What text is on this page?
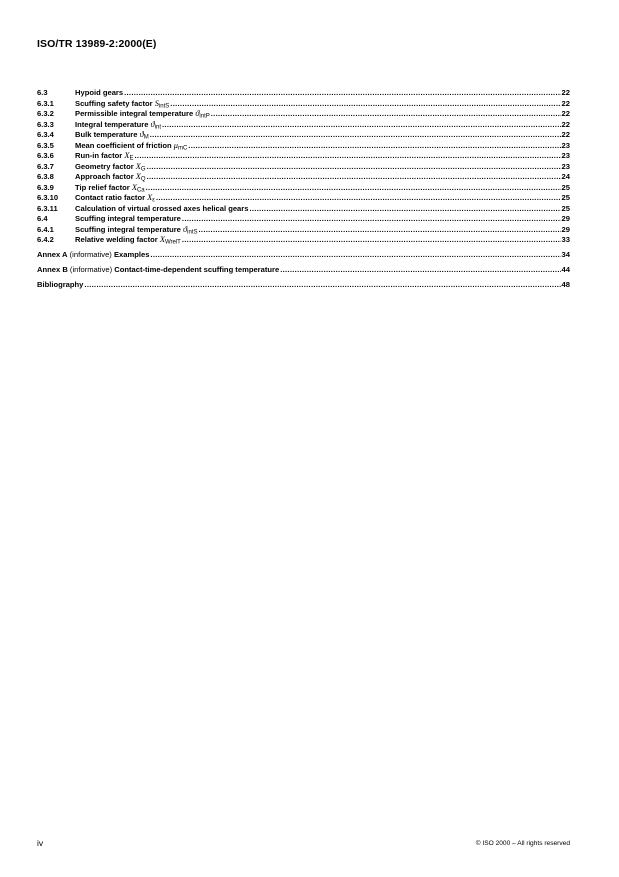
ISO/TR 13989-2:2000(E)
6.3	Hypoid gears .....	22
6.3.1	Scuffing safety factor $S_{intS}$ .....	22
6.3.2	Permissible integral temperature $ϑ_{intP}$ .....	22
6.3.3	Integral temperature $ϑ_{int}$ .....	22
6.3.4	Bulk temperature $ϑ_M$ .....	22
6.3.5	Mean coefficient of friction $\mu_{mC}$ .....	23
6.3.6	Run-in factor $X_E$ .....	23
6.3.7	Geometry factor $X_G$ .....	23
6.3.8	Approach factor $X_Q$ .....	24
6.3.9	Tip relief factor $X_{Ca}$ .....	25
6.3.10	Contact ratio factor $X_\varepsilon$ .....	25
6.3.11	Calculation of virtual crossed axes helical gears .....	25
6.4	Scuffing integral temperature .....	29
6.4.1	Scuffing integral temperature $ϑ_{intS}$ .....	29
6.4.2	Relative welding factor $X_{WrelT}$ .....	33
Annex A (informative) Examples .....	34
Annex B (informative) Contact-time-dependent scuffing temperature .....	44
Bibliography .....	48
iv	© ISO 2000 – All rights reserved
